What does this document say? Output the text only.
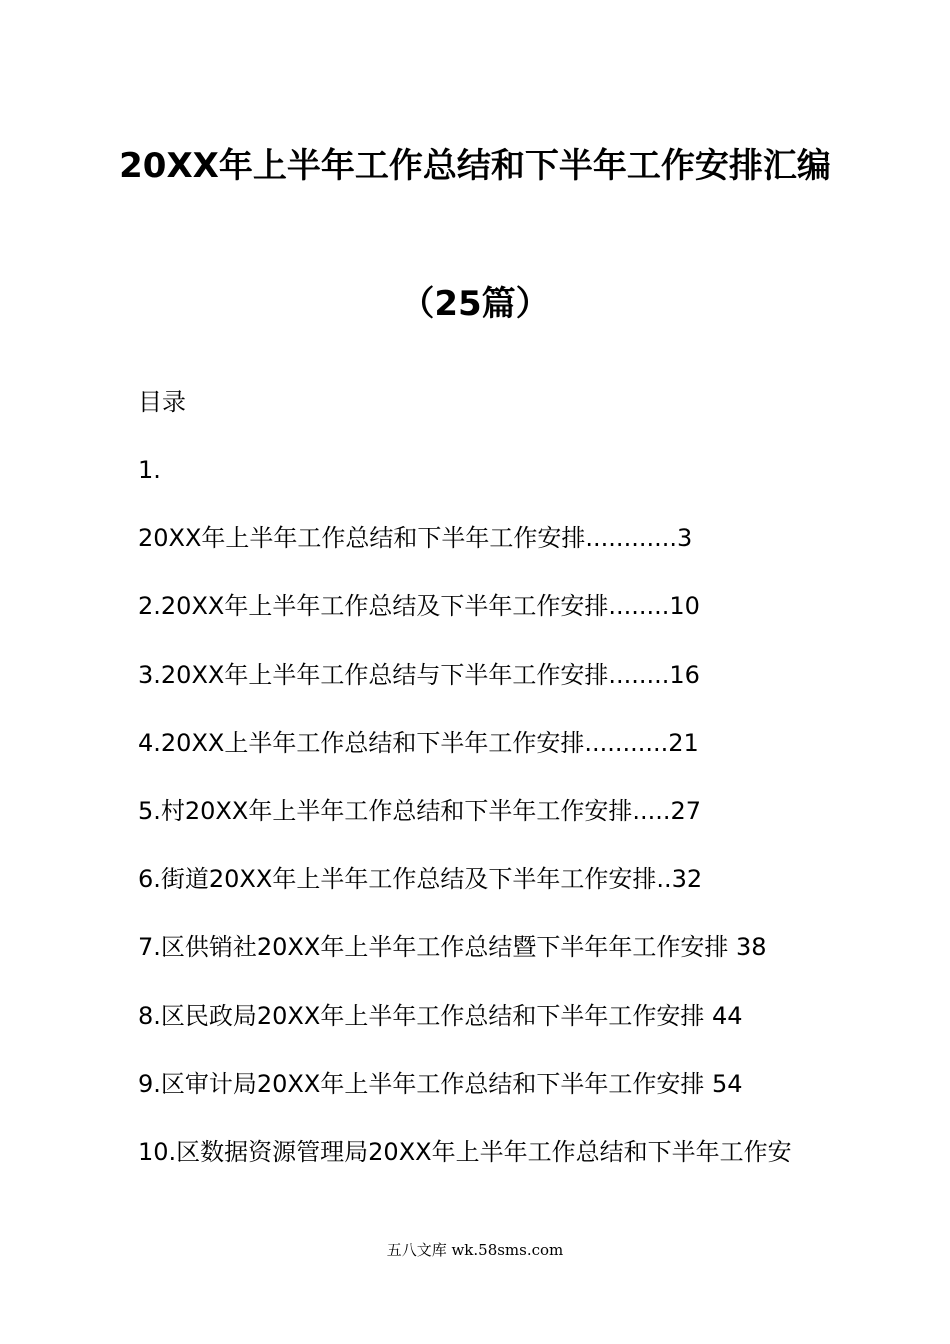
20XX年上半年工作总结和下半年工作安排汇编
（25篇）
目录
1.
20XX年上半年工作总结和下半年工作安排............3
2.20XX年上半年工作总结及下半年工作安排........10
3.20XX年上半年工作总结与下半年工作安排........16
4.20XX上半年工作总结和下半年工作安排...........21
5.村20XX年上半年工作总结和下半年工作安排.....27
6.街道20XX年上半年工作总结及下半年工作安排..32
7.区供销社20XX年上半年工作总结暨下半年年工作安排 38
8.区民政局20XX年上半年工作总结和下半年工作安排 44
9.区审计局20XX年上半年工作总结和下半年工作安排 54
10.区数据资源管理局20XX年上半年工作总结和下半年工作安
五八文库 wk.58sms.com
